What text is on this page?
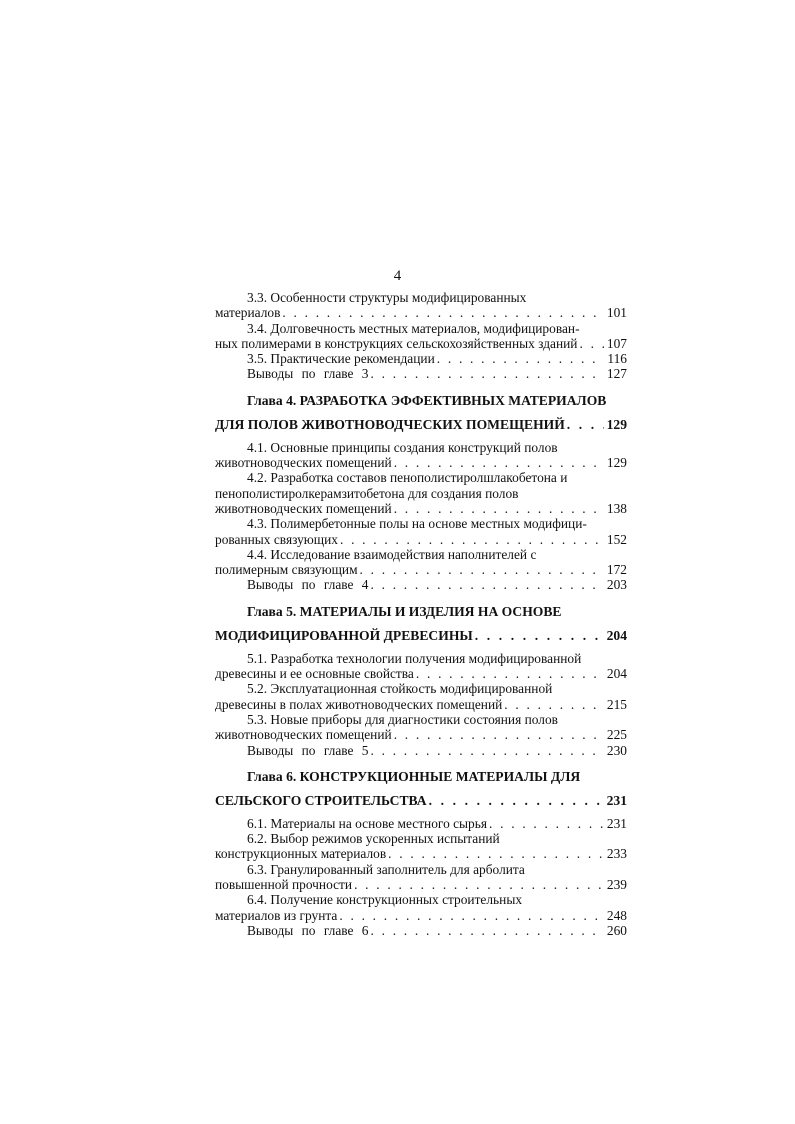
4
3.3. Особенности структуры модифицированных
материалов . . .	101
3.4. Долговечность местных материалов, модифицирован-
ных полимерами в конструкциях сельскохозяйственных зданий . . . 107
3.5. Практические рекомендации . . .	116
Выводы по главе 3 . . .	127
Глава 4. РАЗРАБОТКА ЭФФЕКТИВНЫХ МАТЕРИАЛОВ
ДЛЯ ПОЛОВ ЖИВОТНОВОДЧЕСКИХ ПОМЕЩЕНИЙ . . .	129
4.1. Основные принципы создания конструкций полов
животноводческих помещений . . .	129
4.2. Разработка составов пенополистиролшлакобетона и
пенополистиролкерамзитобетона для создания полов
животноводческих помещений . . .	138
4.3. Полимербетонные полы на основе местных модифици-
рованных связующих . . .	152
4.4. Исследование взаимодействия наполнителей с
полимерным связующим . . .	172
Выводы по главе 4 . . .	203
Глава 5. МАТЕРИАЛЫ И ИЗДЕЛИЯ НА ОСНОВЕ
МОДИФИЦИРОВАННОЙ ДРЕВЕСИНЫ . . .	204
5.1. Разработка технологии получения модифицированной
древесины и ее основные свойства . . .	204
5.2. Эксплуатационная стойкость модифицированной
древесины в полах животноводческих помещений . . .	215
5.3. Новые приборы для диагностики состояния полов
животноводческих помещений . . .	225
Выводы по главе 5 . . .	230
Глава 6. КОНСТРУКЦИОННЫЕ МАТЕРИАЛЫ ДЛЯ
СЕЛЬСКОГО СТРОИТЕЛЬСТВА . . .	231
6.1. Материалы на основе местного сырья . . .	231
6.2. Выбор режимов ускоренных испытаний
конструкционных материалов . . .	233
6.3. Гранулированный заполнитель для арболита
повышенной прочности . . .	239
6.4. Получение конструкционных строительных
материалов из грунта . . .	248
Выводы по главе 6 . . .	260
